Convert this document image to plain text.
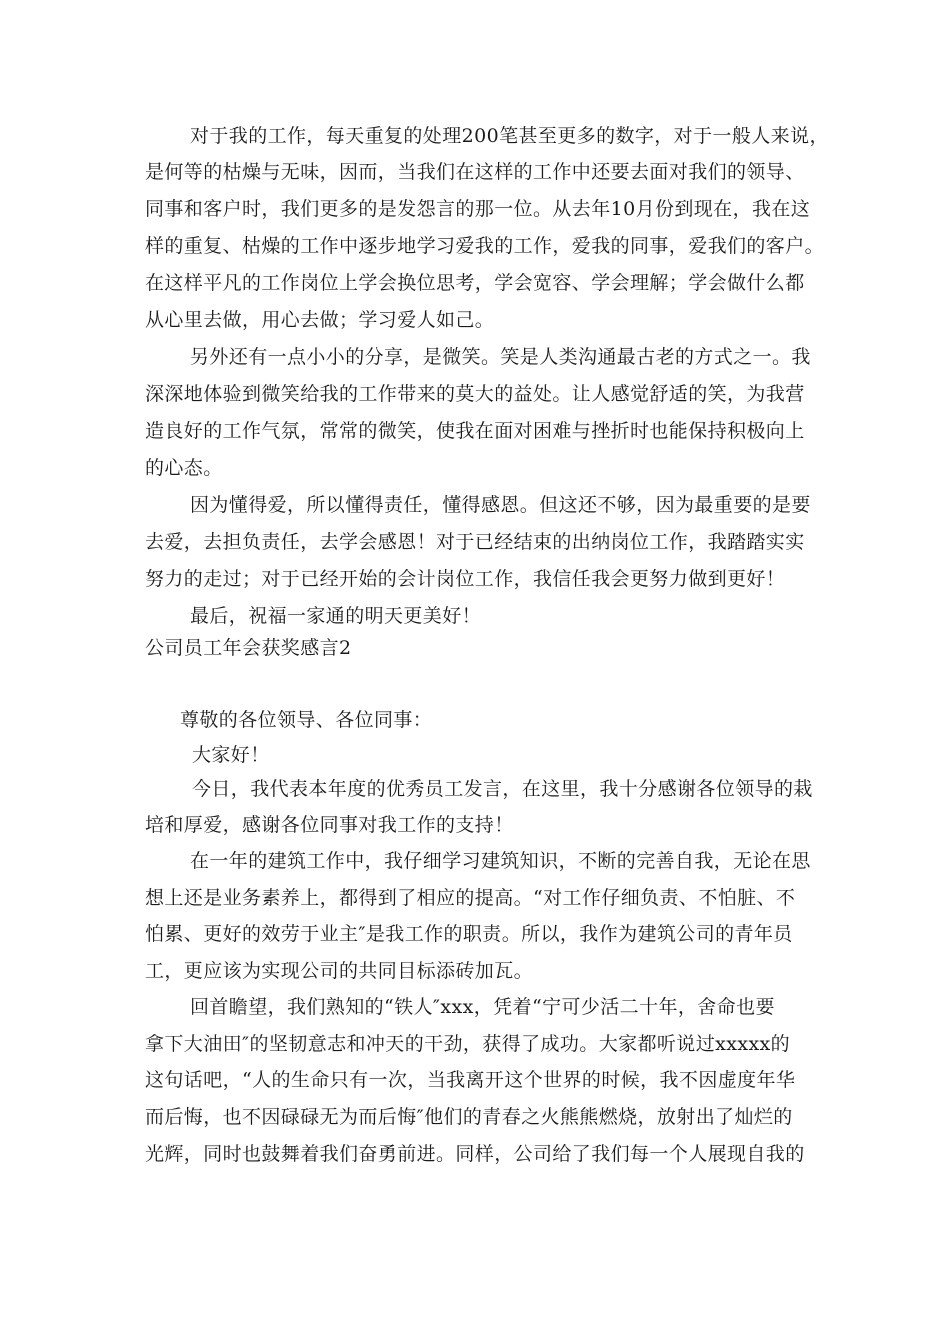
对于我的工作，每天重复的处理200笔甚至更多的数字，对于一般人来说，
是何等的枯燥与无味，因而，当我们在这样的工作中还要去面对我们的领导、
同事和客户时，我们更多的是发怨言的那一位。从去年10月份到现在，我在这
样的重复、枯燥的工作中逐步地学习爱我的工作，爱我的同事，爱我们的客户。
在这样平凡的工作岗位上学会换位思考，学会宽容、学会理解；学会做什么都
从心里去做，用心去做；学习爱人如己。
另外还有一点小小的分享，是微笑。笑是人类沟通最古老的方式之一。我
深深地体验到微笑给我的工作带来的莫大的益处。让人感觉舒适的笑，为我营
造良好的工作气氛，常常的微笑，使我在面对困难与挫折时也能保持积极向上
的心态。
因为懂得爱，所以懂得责任，懂得感恩。但这还不够，因为最重要的是要
去爱，去担负责任，去学会感恩！对于已经结束的出纳岗位工作，我踏踏实实
努力的走过；对于已经开始的会计岗位工作，我信任我会更努力做到更好！
最后，祝福一家通的明天更美好！
公司员工年会获奖感言2
尊敬的各位领导、各位同事：
大家好！
今日，我代表本年度的优秀员工发言，在这里，我十分感谢各位领导的栽
培和厚爱，感谢各位同事对我工作的支持！
在一年的建筑工作中，我仔细学习建筑知识，不断的完善自我，无论在思
想上还是业务素养上，都得到了相应的提高。“对工作仔细负责、不怕脏、不
怕累、更好的效劳于业主″是我工作的职责。所以，我作为建筑公司的青年员
工，更应该为实现公司的共同目标添砖加瓦。
回首瞻望，我们熟知的“铁人″xxx，凭着“宁可少活二十年，舍命也要
拿下大油田″的坚韧意志和冲天的干劲，获得了成功。大家都听说过xxxxx的
这句话吧，“人的生命只有一次，当我离开这个世界的时候，我不因虚度年华
而后悔，也不因碌碌无为而后悔″他们的青春之火熊熊燃烧，放射出了灿烂的
光辉，同时也鼓舞着我们奋勇前进。同样，公司给了我们每一个人展现自我的
